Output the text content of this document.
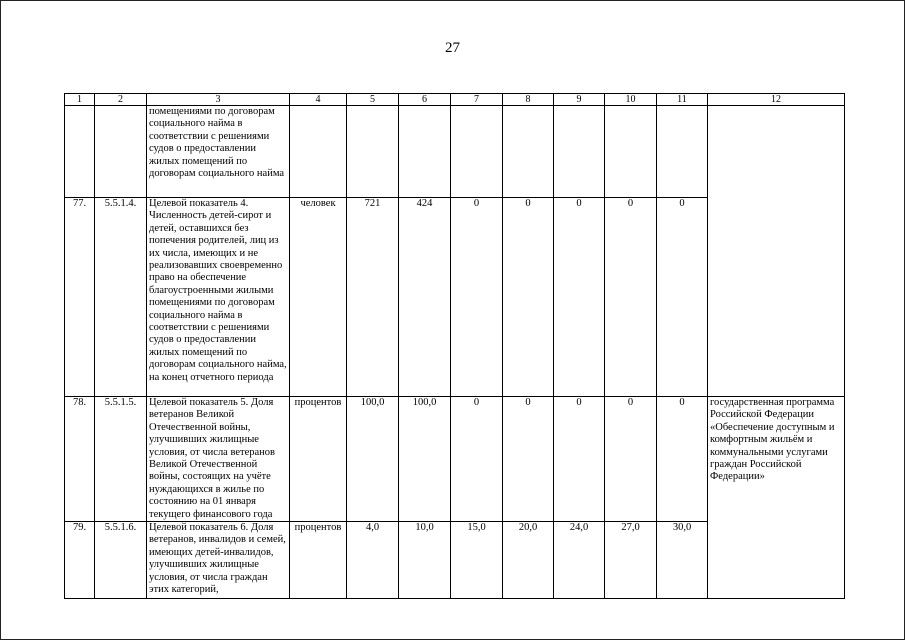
27
1	2	3	4	5	6	7	8	9	10	11	12
		помещениями по договорам социального найма в соответствии с решениями судов о предоставлении жилых помещений по договорам социального найма									
77.	5.5.1.4.	Целевой показатель 4. Численность детей-сирот и детей, оставшихся без попечения родителей, лиц из их числа, имеющих и не реализовавших своевременно право на обеспечение благоустроенными жилыми помещениями по договорам социального найма в соответствии с решениями судов о предоставлении жилых помещений по договорам социального найма, на конец отчетного периода	человек	721	424	0	0	0	0	0	
78.	5.5.1.5.	Целевой показатель 5. Доля ветеранов Великой Отечественной войны, улучшивших жилищные условия, от числа ветеранов Великой Отечественной войны, состоящих на учёте нуждающихся в жилье по состоянию на 01 января текущего финансового года	процентов	100,0	100,0	0	0	0	0	0	государственная программа Российской Федерации «Обеспечение доступным и комфортным жильём и коммунальными услугами граждан Российской Федерации»
79.	5.5.1.6.	Целевой показатель 6. Доля ветеранов, инвалидов и семей, имеющих детей-инвалидов, улучшивших жилищные условия, от числа граждан этих категорий,	процентов	4,0	10,0	15,0	20,0	24,0	27,0	30,0	
